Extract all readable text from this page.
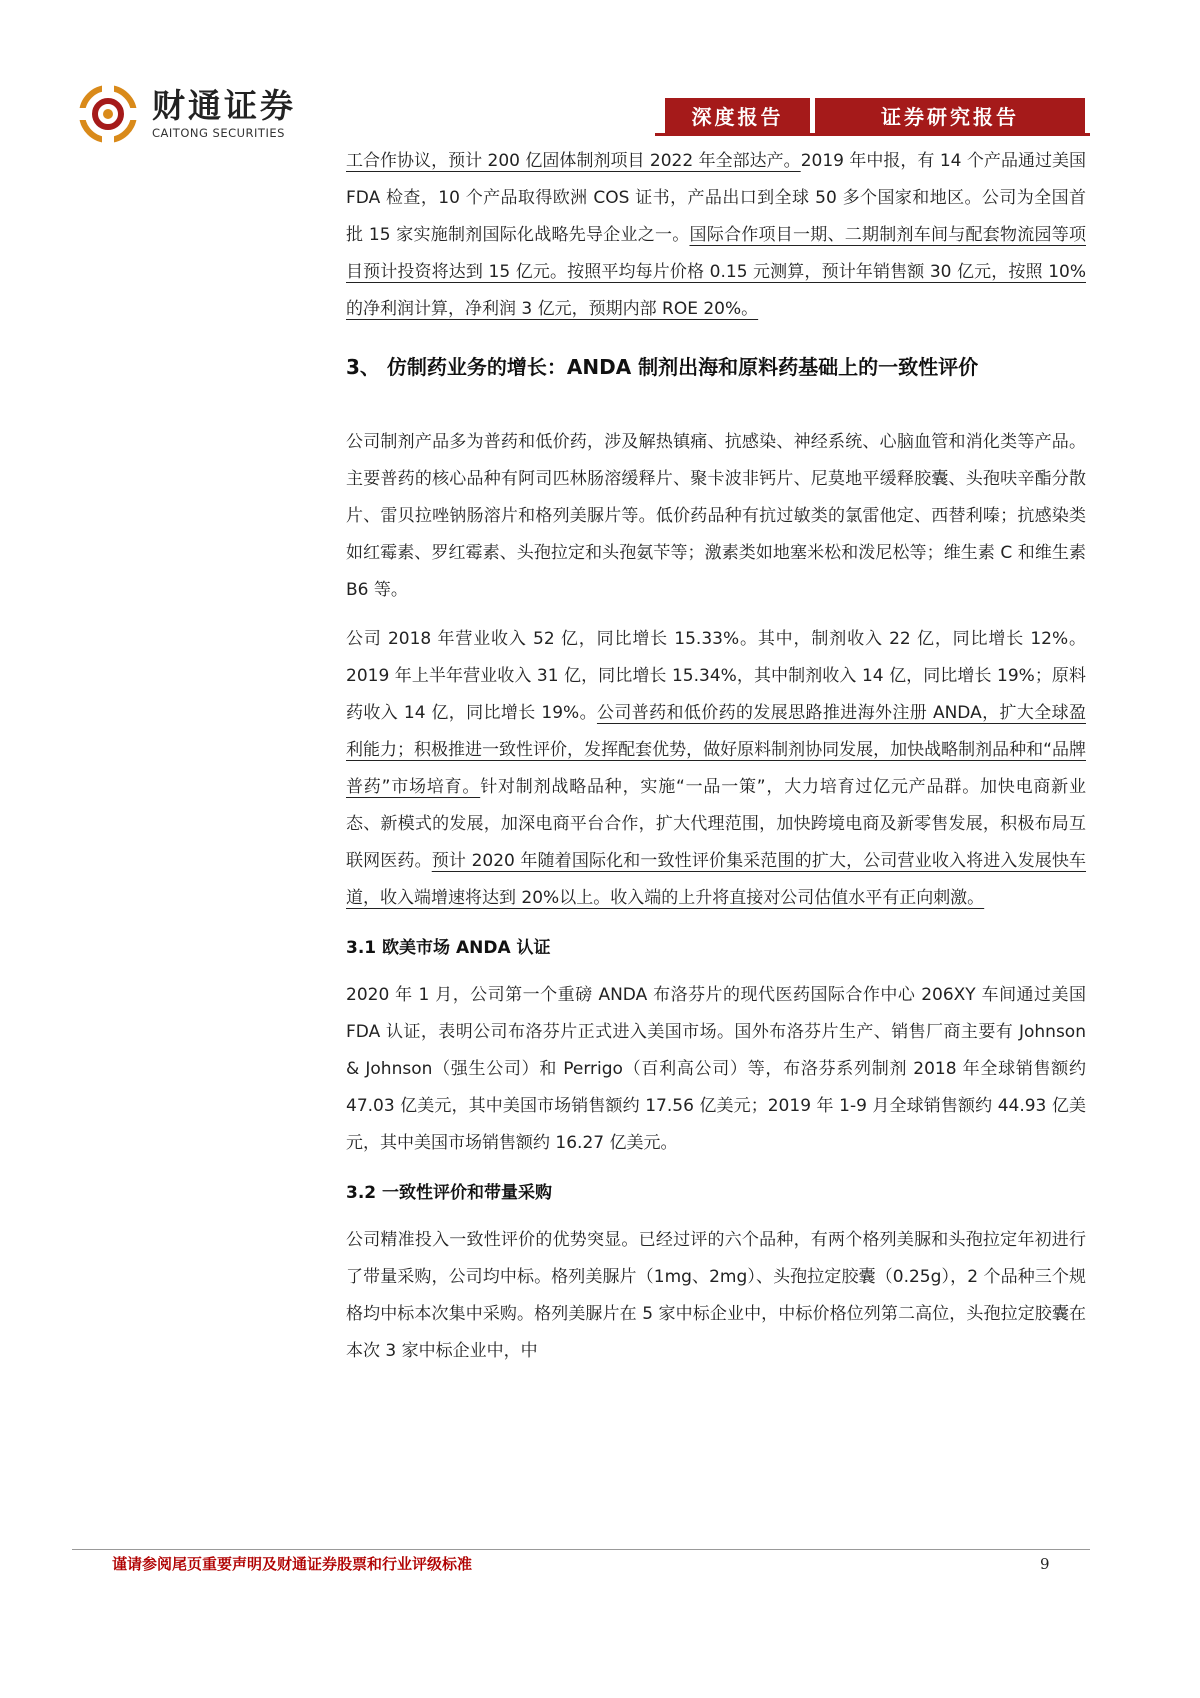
财通证券
CAITONG SECURITIES
深度报告	证券研究报告

工合作协议，预计 200 亿固体制剂项目 2022 年全部达产。2019 年中报，有 14 个产品通过美国 FDA 检查，10 个产品取得欧洲 COS 证书，产品出口到全球 50 多个国家和地区。公司为全国首批 15 家实施制剂国际化战略先导企业之一。国际合作项目一期、二期制剂车间与配套物流园等项目预计投资将达到 15 亿元。按照平均每片价格 0.15 元测算，预计年销售额 30 亿元，按照 10%的净利润计算，净利润 3 亿元，预期内部 ROE 20%。

3、 仿制药业务的增长：ANDA 制剂出海和原料药基础上的一致性评价

公司制剂产品多为普药和低价药，涉及解热镇痛、抗感染、神经系统、心脑血管和消化类等产品。主要普药的核心品种有阿司匹林肠溶缓释片、聚卡波非钙片、尼莫地平缓释胶囊、头孢呋辛酯分散片、雷贝拉唑钠肠溶片和格列美脲片等。低价药品种有抗过敏类的氯雷他定、西替利嗪；抗感染类如红霉素、罗红霉素、头孢拉定和头孢氨苄等；激素类如地塞米松和泼尼松等；维生素 C 和维生素 B6 等。

公司 2018 年营业收入 52 亿，同比增长 15.33%。其中，制剂收入 22 亿，同比增长 12%。2019 年上半年营业收入 31 亿，同比增长 15.34%，其中制剂收入 14 亿，同比增长 19%；原料药收入 14 亿，同比增长 19%。公司普药和低价药的发展思路推进海外注册 ANDA，扩大全球盈利能力；积极推进一致性评价，发挥配套优势，做好原料制剂协同发展，加快战略制剂品种和“品牌普药”市场培育。针对制剂战略品种，实施“一品一策”，大力培育过亿元产品群。加快电商新业态、新模式的发展，加深电商平台合作，扩大代理范围，加快跨境电商及新零售发展，积极布局互联网医药。预计 2020 年随着国际化和一致性评价集采范围的扩大，公司营业收入将进入发展快车道，收入端增速将达到 20%以上。收入端的上升将直接对公司估值水平有正向刺激。

3.1 欧美市场 ANDA 认证

2020 年 1 月，公司第一个重磅 ANDA 布洛芬片的现代医药国际合作中心 206XY 车间通过美国 FDA 认证，表明公司布洛芬片正式进入美国市场。国外布洛芬片生产、销售厂商主要有 Johnson & Johnson（强生公司）和 Perrigo（百利高公司）等，布洛芬系列制剂 2018 年全球销售额约 47.03 亿美元，其中美国市场销售额约 17.56 亿美元；2019 年 1-9 月全球销售额约 44.93 亿美元，其中美国市场销售额约 16.27 亿美元。

3.2 一致性评价和带量采购

公司精准投入一致性评价的优势突显。已经过评的六个品种，有两个格列美脲和头孢拉定年初进行了带量采购，公司均中标。格列美脲片（1mg、2mg）、头孢拉定胶囊（0.25g），2 个品种三个规格均中标本次集中采购。格列美脲片在 5 家中标企业中，中标价格位列第二高位，头孢拉定胶囊在本次 3 家中标企业中，中

谨请参阅尾页重要声明及财通证券股票和行业评级标准	9
